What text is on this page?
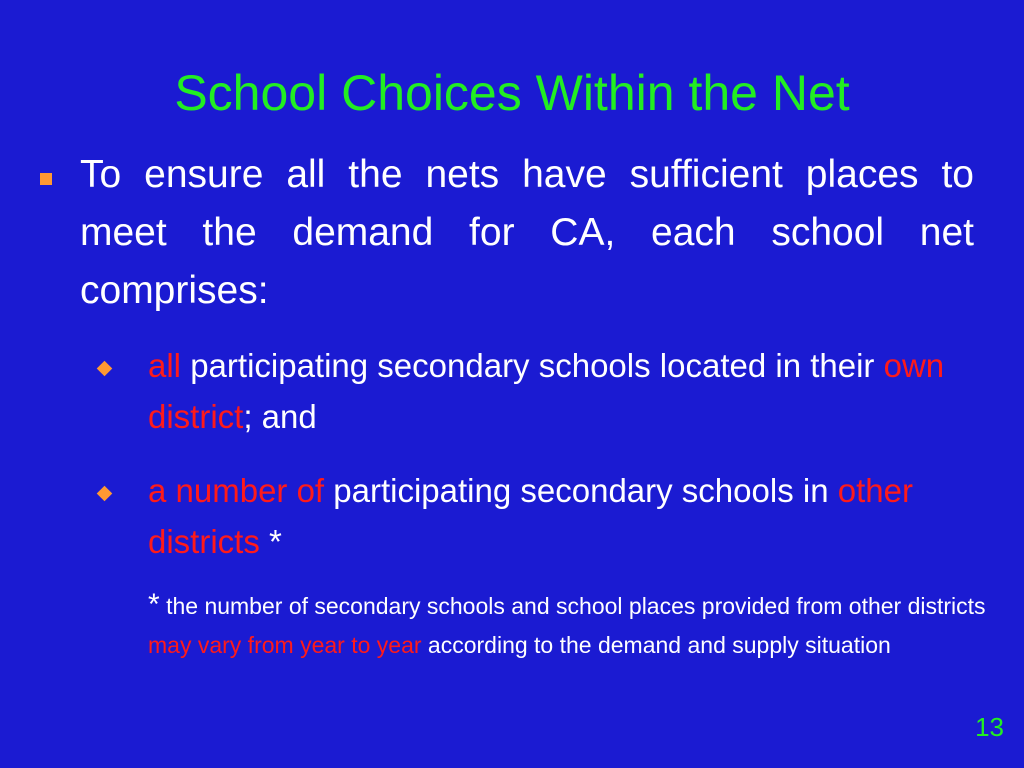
School Choices Within the Net
To ensure all the nets have sufficient places to meet the demand for CA, each school net comprises:
all participating secondary schools located in their own district; and
a number of participating secondary schools in other districts *
* the number of secondary schools and school places provided from other districts may vary from year to year according to the demand and supply situation
13
